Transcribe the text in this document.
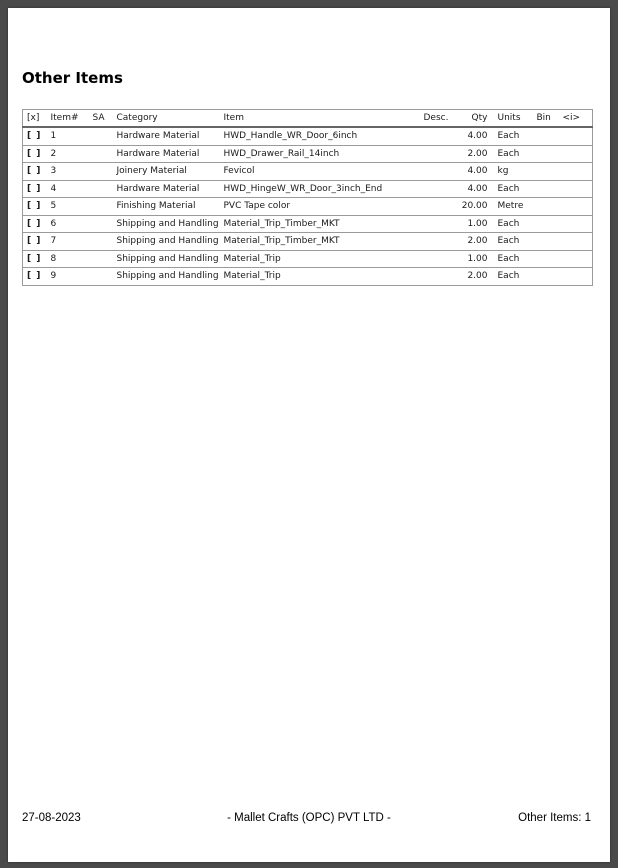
Other Items
[x]	Item#	SA	Category	Item	Desc.	Qty	Units	Bin	<i>
[ ]	1		Hardware Material	HWD_Handle_WR_Door_6inch		4.00	Each		
[ ]	2		Hardware Material	HWD_Drawer_Rail_14inch		2.00	Each		
[ ]	3		Joinery Material	Fevicol		4.00	kg		
[ ]	4		Hardware Material	HWD_HingeW_WR_Door_3inch_End		4.00	Each		
[ ]	5		Finishing Material	PVC Tape color		20.00	Metre		
[ ]	6		Shipping and Handling	Material_Trip_Timber_MKT		1.00	Each		
[ ]	7		Shipping and Handling	Material_Trip_Timber_MKT		2.00	Each		
[ ]	8		Shipping and Handling	Material_Trip		1.00	Each		
[ ]	9		Shipping and Handling	Material_Trip		2.00	Each		
27-08-2023	- Mallet Crafts (OPC) PVT LTD -	Other Items: 1
